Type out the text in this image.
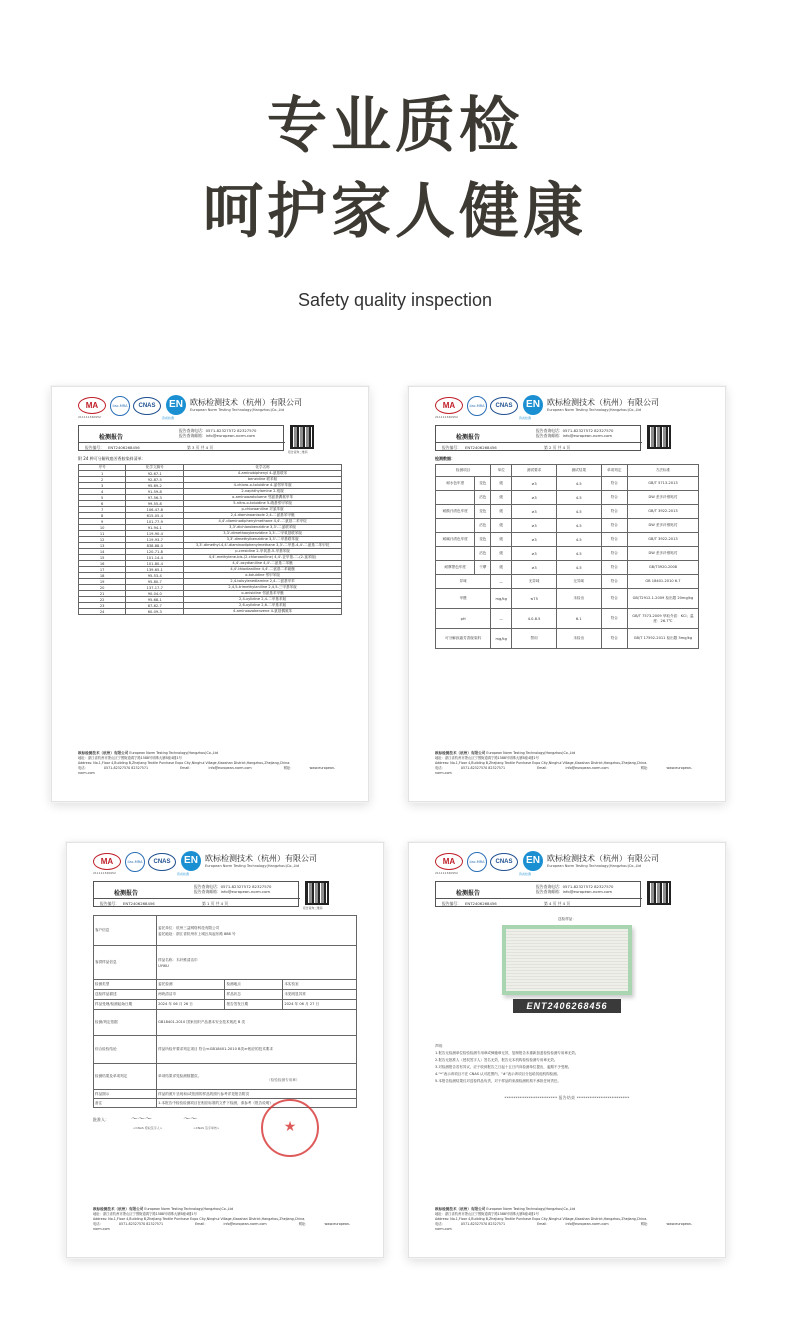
专业质检
呵护家人健康
Safety quality inspection
MA
211111340952
ilac-MRA	CNAS	EN
资质检测
欧标检测技术（杭州）有限公司
European Norm Testing Technology(Hangzhou)Co.,Ltd
检测报告
报告查询电话：0571-82327572 82327570
报告查询邮箱：info@european-norm.com
报告编号： ENT2406268456	第 3 页 共 4 页
报告查询二维码
附 24 种可分解致癌芳香胺染料清单：
序号	化学文摘号	化学名称
1	92-67-1	4-aminobiphenyl 4-氨基联苯
2	92-87-5	benzidine 联苯胺
3	95-69-2	4-chloro-o-toluidine 4-氯邻甲苯胺
4	91-59-8	2-naphthylamine 2-萘胺
5	97-56-3	o-aminoazotoluene 邻氨基偶氮甲苯
6	99-55-8	5-nitro-o-toluidine 5-硝基邻甲苯胺
7	106-47-8	p-chloroaniline 对氯苯胺
8	615-05-4	2,4-diaminoanisole 2,4-二氨基苯甲醚
9	101-77-9	4,4'-diaminodiphenylmethane 4,4'-二氨基二苯甲烷
10	91-94-1	3,3'-dichlorobenzidine 3,3'-二氯联苯胺
11	119-90-4	3,3'-dimethoxybenzidine 3,3'-二甲氧基联苯胺
12	119-93-7	3,3'-dimethylbenzidine 3,3'-二甲基联苯胺
13	838-88-0	3,3'-dimethyl-4,4'-diaminodiphenylmethane 3,3'-二甲基-4,4'-二氨基二苯甲烷
14	120-71-8	p-cresidine 2-甲氧基-5-甲基苯胺
15	101-14-4	4,4'-methylene-bis-(2-chloroaniline) 4,4'-亚甲基-二-(2-氯苯胺)
16	101-80-4	4,4'-oxydianiline 4,4'-二氨基二苯醚
17	139-65-1	4,4'-thiodianiline 4,4'-二氨基二苯硫醚
18	95-53-4	o-toluidine 邻甲苯胺
19	95-80-7	2,4-toluylenediamine 2,4-二氨基甲苯
20	137-17-7	2,4,5-trimethylaniline 2,4,5-三甲基苯胺
21	90-04-0	o-anisidine 邻氨基苯甲醚
22	95-68-1	2,4-xylidine 2,4-二甲基苯胺
23	87-62-7	2,6-xylidine 2,6-二甲基苯胺
24	60-09-3	4-aminoazobenzene 4-氨基偶氮苯
欧标检测技术（杭州）有限公司 European Norm Testing Technology(Hangzhou)Co.,Ltd
地址：浙江省杭州市萧山区宁围街道鸿宁路1588号明珠大厦B座4楼1号
Address: No.1,Floor 4,Building B,Zhejiang Textile Purchase Expo City,Ninghui Village,Xiaoshan District,Hangzhou,Zhejiang,China.
电话：	0571-82327570 82327571	Email：	info@european-norm.com	网址：	www.european-norm.com
MA
211111340952
ilac-MRA	CNAS	EN
资质检测
欧标检测技术（杭州）有限公司
European Norm Testing Technology(Hangzhou)Co.,Ltd
检测报告
报告查询电话：0571-82327572 82327570
报告查询邮箱：info@european-norm.com
报告编号： ENT2406268456	第 2 页 共 4 页
检测数据：
检测项目		单位	测试要求	测试结果	单项判定	方法标准
耐水色牢度	变色	级	≥3	4-5	符合	GB/T 5713-2013
	沾色	级	≥3	4-5	符合	DW 差多纤维贴衬
耐酸汗渍色牢度	变色	级	≥3	4-5	符合	GB/T 3922-2013
	沾色	级	≥3	4-5	符合	DW 差多纤维贴衬
耐碱汗渍色牢度	变色	级	≥3	4-5	符合	GB/T 3922-2013
	沾色	级	≥3	4-5	符合	DW 差多纤维贴衬
耐摩擦色牢度	干摩	级	≥3	4-5	符合	GB/T3920-2008
异味		—	无异味	无异味	符合	GB 18401-2010 6.7
甲醛		mg/kg	≤75	未检出	符合	GB/T2912.1-2009 检出限 20mg/kg
pH		—	4.0-8.5	6.1	符合	GB/T 7573-2009 萃取介质：KCl；温度：26.7℃
可分解致癌芳香胺染料		mg/kg	禁用	未检出	符合	GB/T 17592-2011 检出限 5mg/kg
欧标检测技术（杭州）有限公司 European Norm Testing Technology(Hangzhou)Co.,Ltd
地址：浙江省杭州市萧山区宁围街道鸿宁路1588号明珠大厦B座4楼1号
Address: No.1,Floor 4,Building B,Zhejiang Textile Purchase Expo City,Ninghui Village,Xiaoshan District,Hangzhou,Zhejiang,China.
电话：	0571-82327570 82327571	Email：	info@european-norm.com	网址：	www.european-norm.com
MA
211111340952
ilac-MRA	CNAS	EN
资质检测
欧标检测技术（杭州）有限公司
European Norm Testing Technology(Hangzhou)Co.,Ltd
检测报告
报告查询电话：0571-82327572 82327570
报告查询邮箱：info@european-norm.com
报告编号： ENT2406268456	第 1 页 共 4 页
报告查询二维码
客户信息	委托单位：杭州三益网络科技有限公司
委托地址：浙江省杭州市上城区凤起东路 888 号		

客供样品信息	样品名称：木纤维清洁巾
UYIKU		

检测类型	委托检测	检测地点	本实验室
送检样品描述	两块清洁巾	样品状态	未见明显异常
样品受理/检测起始日期	2024 年 06 月 26 日	报告签发日期	2024 年 06 月 27 日
检测/判定依据	GB18401-2010 国家纺织产品基本安全技术规范 B 类		
综合检验结论	样品所检并要求判定项目 符合≪GB18401-2010 B类≫相应的技术要求		
检测结果及单项判定	单项结果详见检测数据页。
（检验检测专用章）		

样品图示	样品的照片呈现和/或依照的样品的照片参考详见报告附页		
备注	1.本报告中检验检测项目在相应标准的文件下检测，请参考《报告说明》。		
★
批准人：	〜〜〜	〜〜
<CNAS 授权签字人>	<CNAS 签字审核>
欧标检测技术（杭州）有限公司 European Norm Testing Technology(Hangzhou)Co.,Ltd
地址：浙江省杭州市萧山区宁围街道鸿宁路1588号明珠大厦B座4楼1号
Address: No.1,Floor 4,Building B,Zhejiang Textile Purchase Expo City,Ninghui Village,Xiaoshan District,Hangzhou,Zhejiang,China.
电话：	0571-82327570 82327571	Email：	info@european-norm.com	网址：	www.european-norm.com
MA
211111340952
ilac-MRA	CNAS	EN
资质检测
欧标检测技术（杭州）有限公司
European Norm Testing Technology(Hangzhou)Co.,Ltd
检测报告
报告查询电话：0571-82327572 82327570
报告查询邮箱：info@european-norm.com
报告编号： ENT2406268456	第 4 页 共 4 页
送检样品：
ENT2406268456

声明：

1.报告无检测单位检验检测专用章或骑缝章无效，复制报告未重新加盖检验检测专用章无效。

2.报告无批准人（授权签字人）签名无效，报告无本机构检验检测专用章无效。

3.对检测报告若有异议，应于收到报告之日起十五日内向检测单位提出，逾期不予受理。

4.“*”表示该项目不在 CNAS 认可范围内，“#”表示该项目分包给其他机构检测。

5.本报告检测结果仅对送检样品负责，对于样品的来源检测机构不承担任何责任。

************************ 报告结束 ************************
欧标检测技术（杭州）有限公司 European Norm Testing Technology(Hangzhou)Co.,Ltd
地址：浙江省杭州市萧山区宁围街道鸿宁路1588号明珠大厦B座4楼1号
Address: No.1,Floor 4,Building B,Zhejiang Textile Purchase Expo City,Ninghui Village,Xiaoshan District,Hangzhou,Zhejiang,China.
电话：	0571-82327570 82327571	Email：	info@european-norm.com	网址：	www.european-norm.com
